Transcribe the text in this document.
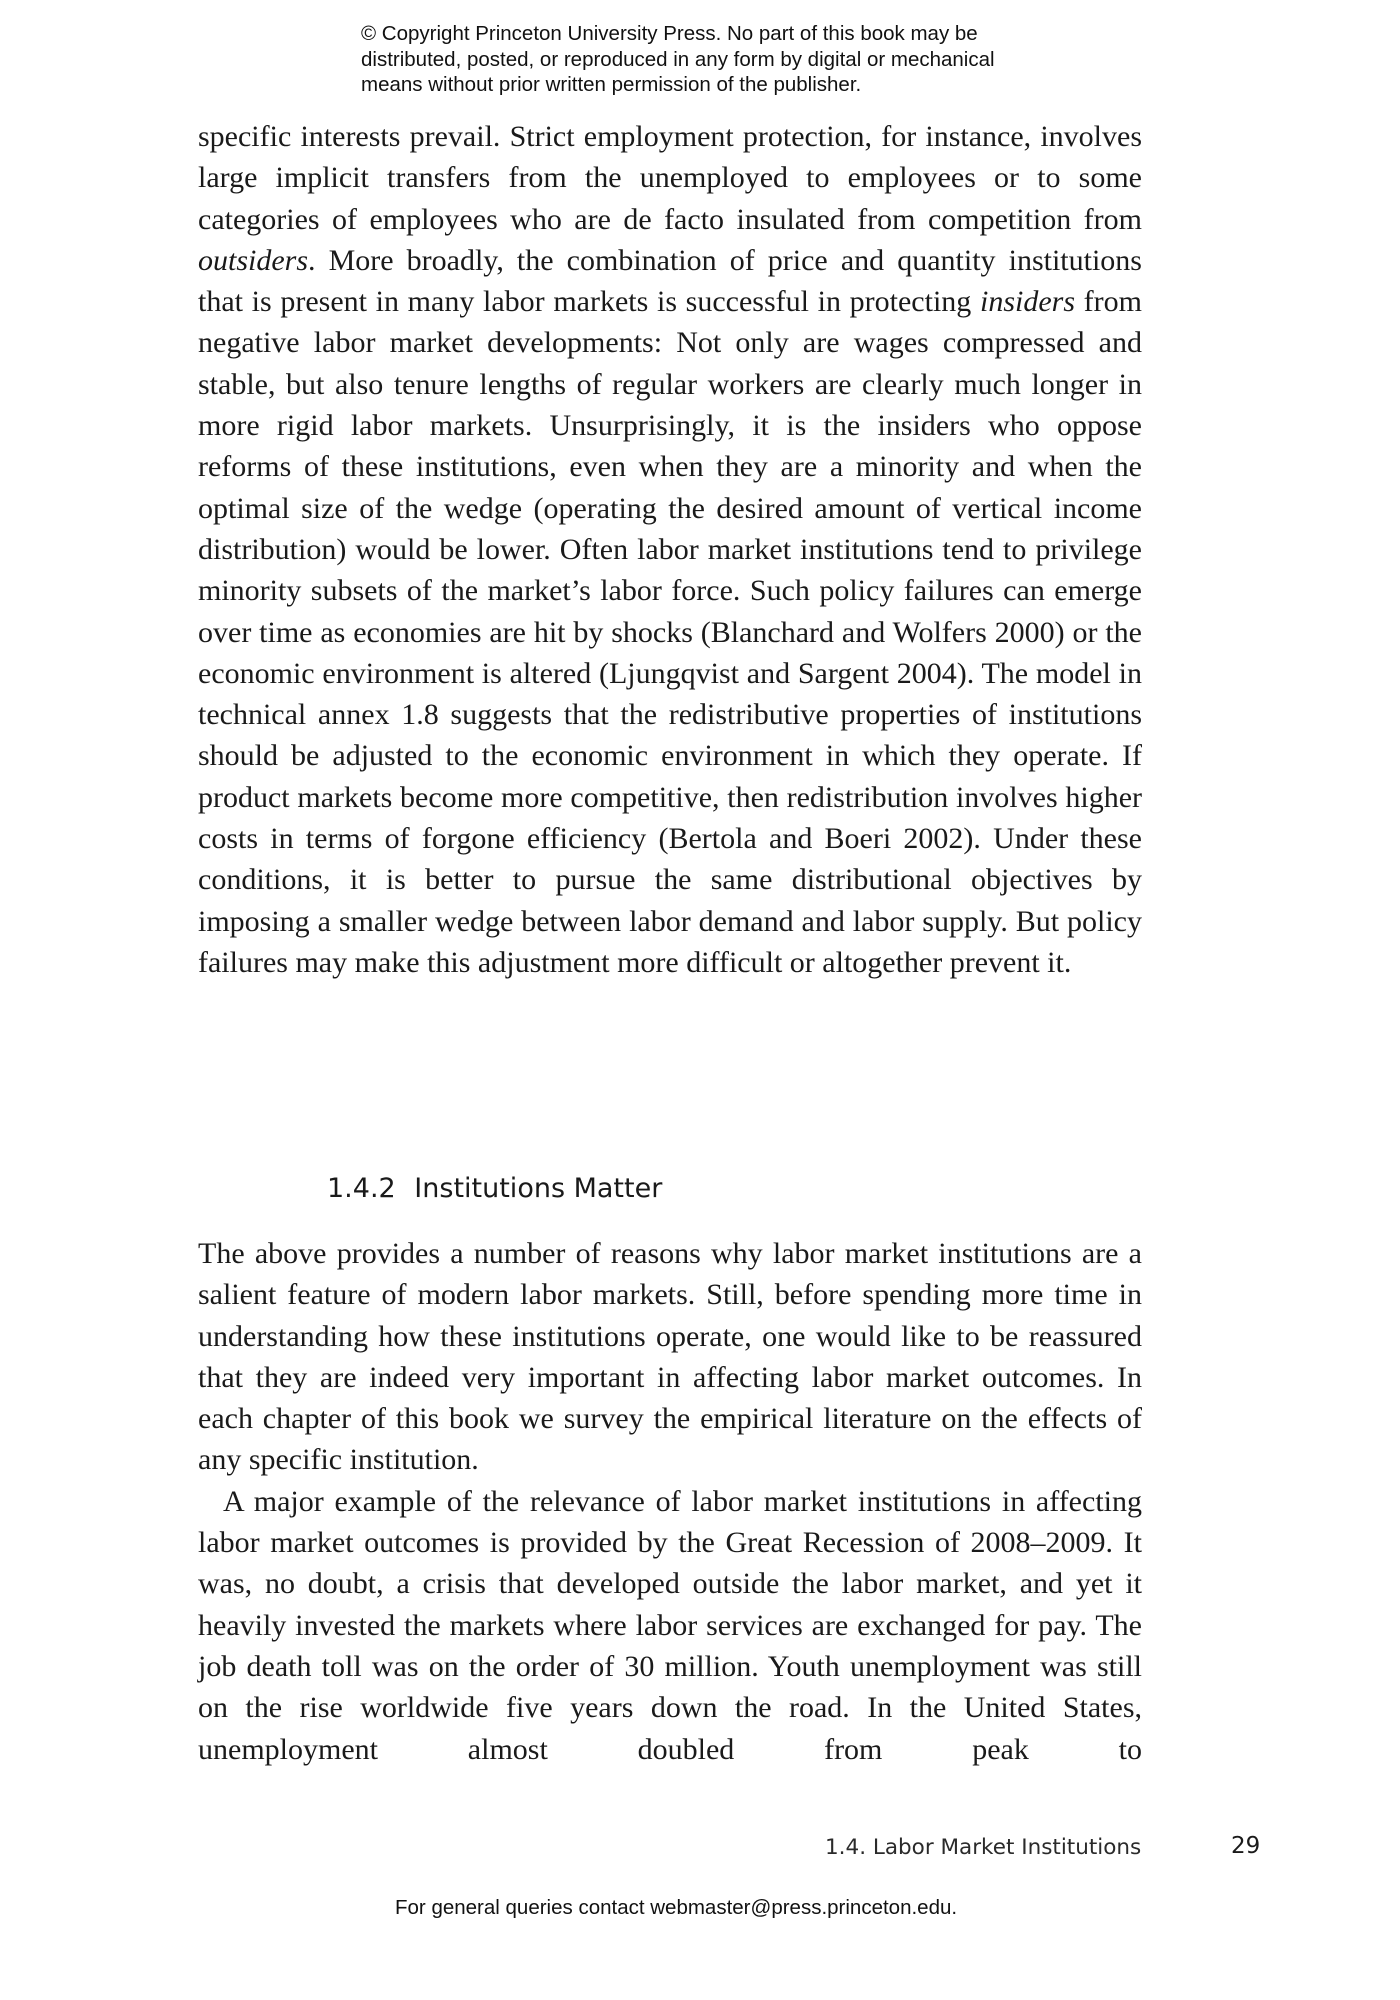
© Copyright Princeton University Press. No part of this book may be
distributed, posted, or reproduced in any form by digital or mechanical
means without prior written permission of the publisher.

specific interests prevail. Strict employment protection, for instance, involves large implicit transfers from the unemployed to employees or to some categories of employees who are de facto insulated from competition from outsiders. More broadly, the combination of price and quantity institutions that is present in many labor markets is successful in protecting insiders from negative labor market developments: Not only are wages compressed and stable, but also tenure lengths of regular workers are clearly much longer in more rigid labor markets. Unsurprisingly, it is the insiders who oppose reforms of these institutions, even when they are a minority and when the optimal size of the wedge (operating the desired amount of vertical income distribution) would be lower. Often labor market institutions tend to privilege minority subsets of the market’s labor force. Such policy failures can emerge over time as economies are hit by shocks (Blanchard and Wolfers 2000) or the economic environment is altered (Ljungqvist and Sargent 2004). The model in technical annex 1.8 suggests that the redistributive properties of institutions should be adjusted to the economic environment in which they operate. If product markets become more competitive, then redistribution involves higher costs in terms of forgone efficiency (Bertola and Boeri 2002). Under these conditions, it is better to pursue the same distributional objectives by imposing a smaller wedge between labor demand and labor supply. But policy failures may make this adjustment more difficult or altogether prevent it.

1.4.2 Institutions Matter

The above provides a number of reasons why labor market institutions are a salient feature of modern labor markets. Still, before spending more time in understanding how these institutions operate, one would like to be reassured that they are indeed very important in affecting labor market outcomes. In each chapter of this book we survey the empirical literature on the effects of any specific institution.

A major example of the relevance of labor market institutions in affecting labor market outcomes is provided by the Great Recession of 2008–2009. It was, no doubt, a crisis that developed outside the labor market, and yet it heavily invested the markets where labor services are exchanged for pay. The job death toll was on the order of 30 million. Youth unemployment was still on the rise worldwide five years down the road. In the United States, unemployment almost doubled from peak to

1.4. Labor Market Institutions	29
For general queries contact webmaster@press.princeton.edu.
